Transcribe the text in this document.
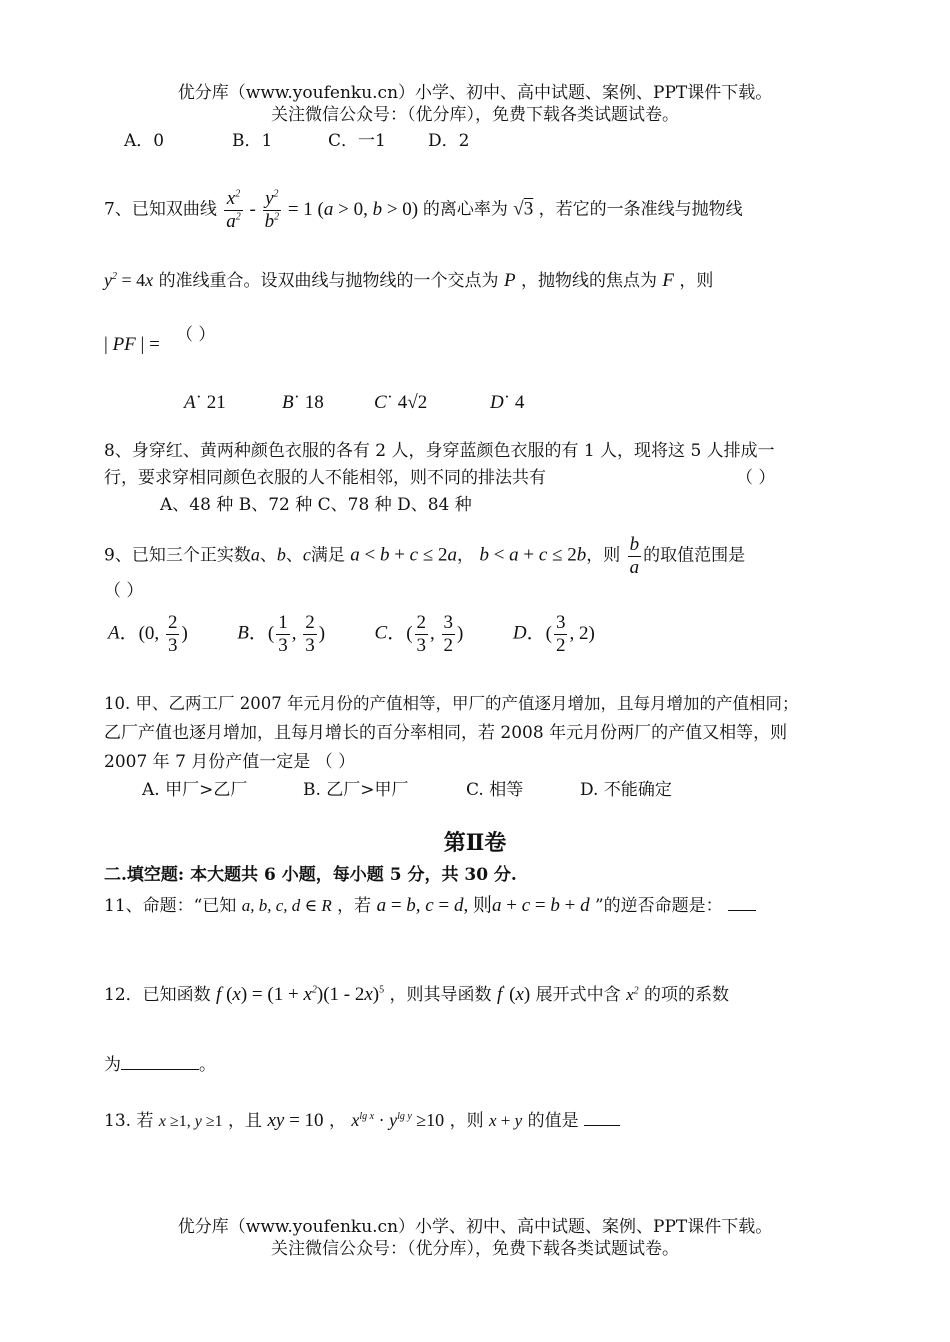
优分库（www.youfenku.cn）小学、初中、高中试题、案例、PPT课件下载。
关注微信公众号：（优分库），免费下载各类试题试卷。
A．0	B．1	C．一1 D．2
7、已知双曲线 $\frac{x^2}{a^2} - \frac{y^2}{b^2} = 1$ (a > 0, b > 0) 的离心率为 √3 ，若它的一条准线与抛物线
$y^2 = 4x$ 的准线重合。设双曲线与抛物线的一个交点为 P ，抛物线的焦点为 F ，则
（ ）
| PF | =
A˙ 21	B˙ 18	C˙ 4√2	D˙ 4
8、身穿红、黄两种颜色衣服的各有 2 人，身穿蓝颜色衣服的有 1 人，现将这 5 人排成一
行，要求穿相同颜色衣服的人不能相邻，则不同的排法共有	（ ）
A、48 种 B、72 种 C、78 种 D、84 种
9、已知三个正实数a、b、c满足 a < b + c ≤ 2a， b < a + c ≤ 2b，则 $\frac{b}{a}$ 的取值范围是
（ ）
A．(0, $\frac{2}{3}$ )	B．( $\frac{1}{3}$ , $\frac{2}{3}$ )	C．( $\frac{2}{3}$ , $\frac{3}{2}$ )	D．( $\frac{3}{2}$ , 2)
10. 甲、乙两工厂 2007 年元月份的产值相等，甲厂的产值逐月增加，且每月增加的产值相同；
乙厂产值也逐月增加，且每月增长的百分率相同，若 2008 年元月份两厂的产值又相等，则
2007 年 7 月份产值一定是 （ ）
A. 甲厂>乙厂	B. 乙厂>甲厂	C. 相等	D. 不能确定
第Ⅱ卷
二.填空题: 本大题共 6 小题，每小题 5 分，共 30 分.
11、命题：“已知 a, b, c, d ∈ R ，若 a = b, c = d, 则a + c = b + d ”的逆否命题是：
12．已知函数 f $(x) = (1 + x^2)(1 - 2x)^5$ ，则其导函数 f′ (x) 展开式中含 $x^2$ 的项的系数
为	。
13. 若 x ≥1, y ≥1 ，且 xy = 10 ， $x^{lg x} \cdot y^{lg y} \ge 10$ ，则 x + y 的值是
优分库（www.youfenku.cn）小学、初中、高中试题、案例、PPT课件下载。
关注微信公众号：（优分库），免费下载各类试题试卷。
